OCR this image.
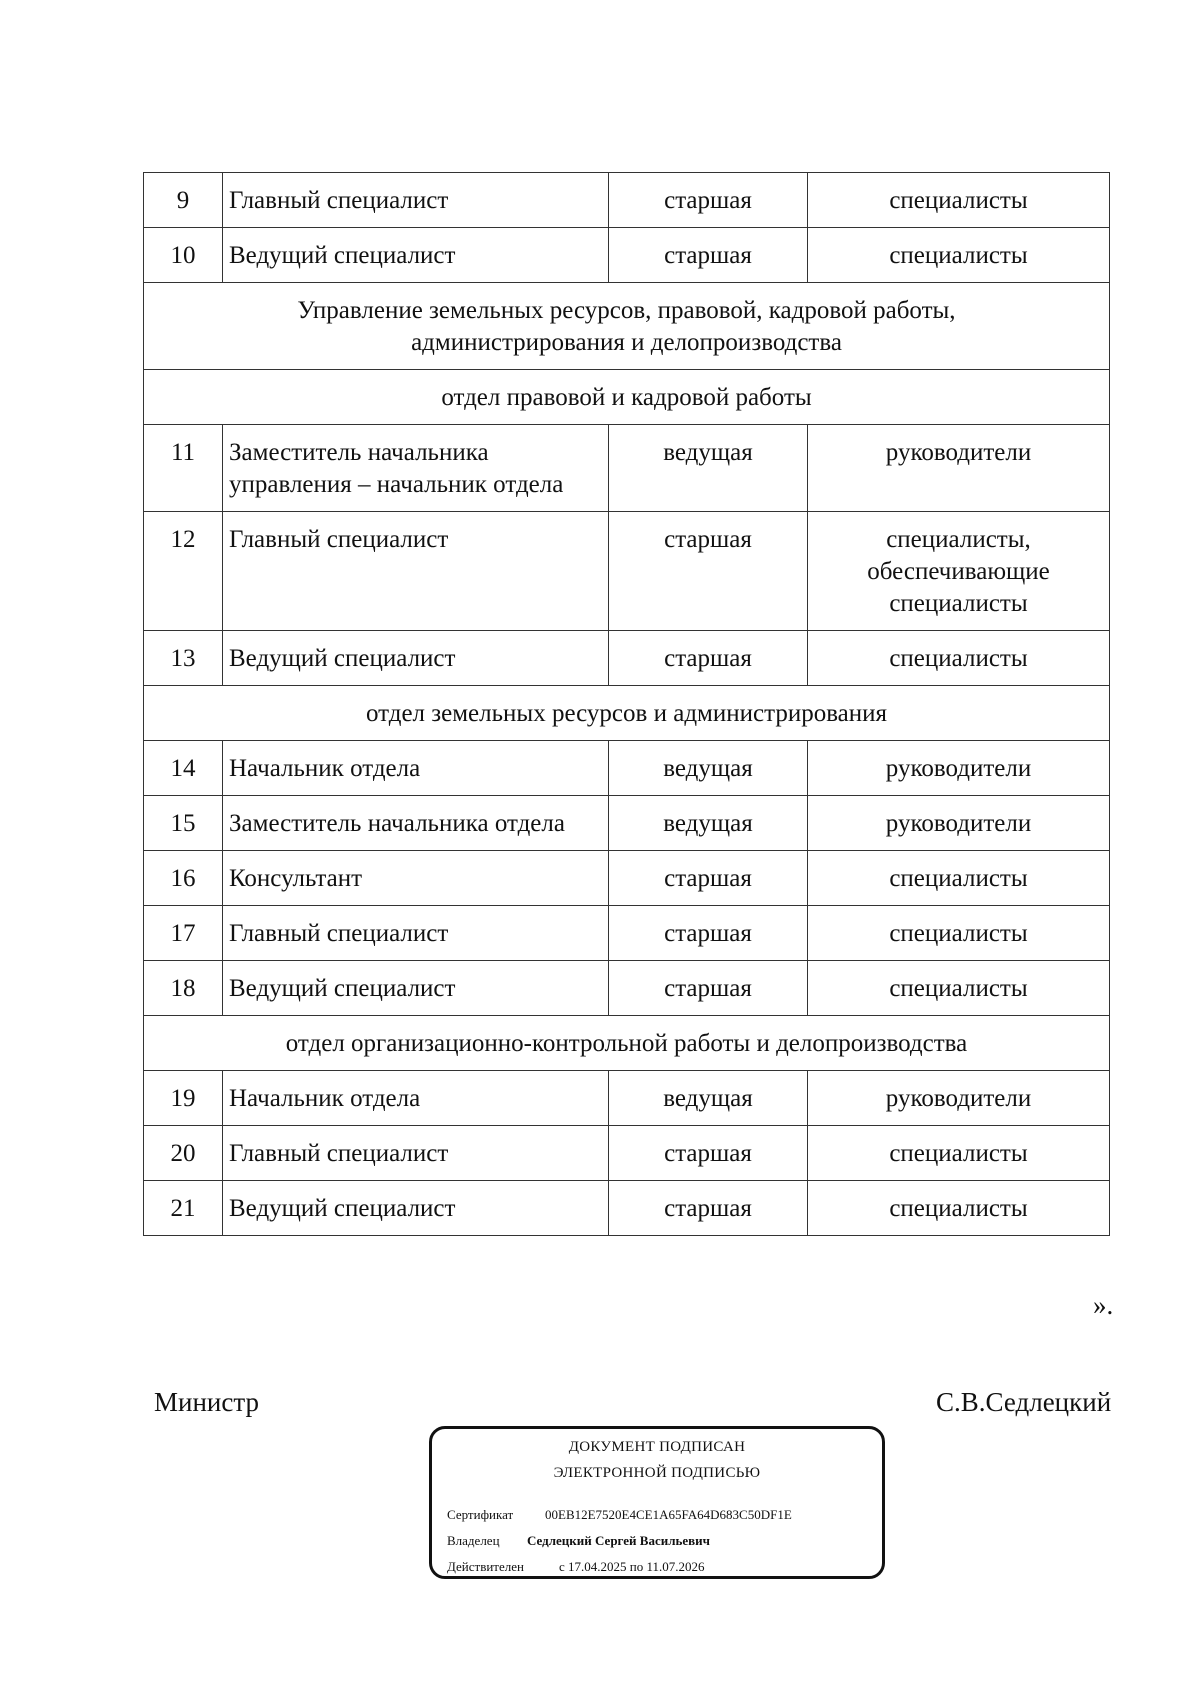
9	Главный специалист	старшая	специалисты
10	Ведущий специалист	старшая	специалисты
Управление земельных ресурсов, правовой, кадровой работы, администрирования и делопроизводства			
отдел правовой и кадровой работы			
11	Заместитель начальника управления – начальник отдела	ведущая	руководители
12	Главный специалист	старшая	специалисты, обеспечивающие специалисты
13	Ведущий специалист	старшая	специалисты
отдел земельных ресурсов и администрирования			
14	Начальник отдела	ведущая	руководители
15	Заместитель начальника отдела	ведущая	руководители
16	Консультант	старшая	специалисты
17	Главный специалист	старшая	специалисты
18	Ведущий специалист	старшая	специалисты
отдел организационно-контрольной работы и делопроизводства			
19	Начальник отдела	ведущая	руководители
20	Главный специалист	старшая	специалисты
21	Ведущий специалист	старшая	специалисты
».
Министр	С.В.Седлецкий
ДОКУМЕНТ ПОДПИСАН
ЭЛЕКТРОННОЙ ПОДПИСЬЮ
Сертификат 00EB12E7520E4CE1A65FA64D683C50DF1E
Владелец Седлецкий Сергей Васильевич
Действителен	с 17.04.2025 по 11.07.2026
